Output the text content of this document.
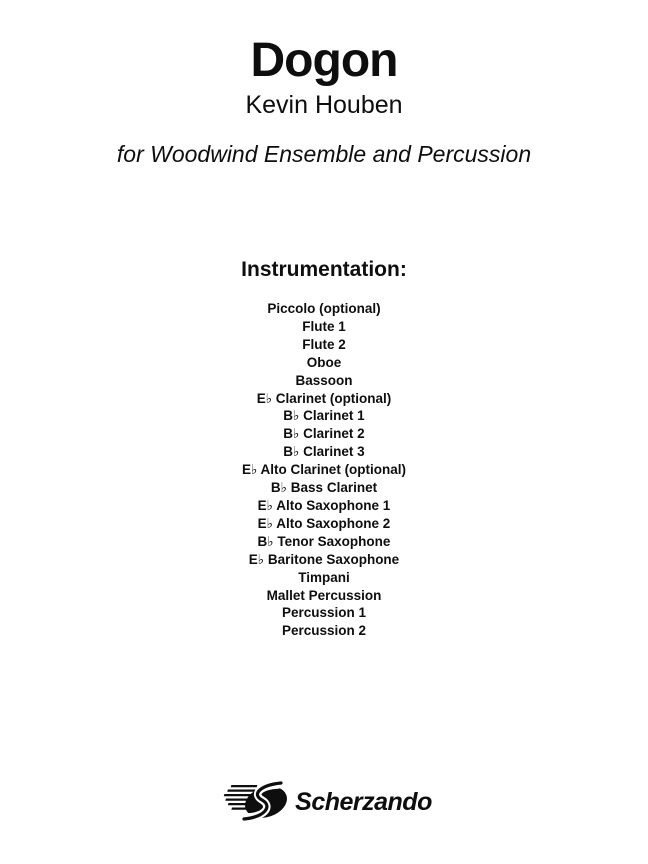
Dogon
Kevin Houben
for Woodwind Ensemble and Percussion
Instrumentation:
Piccolo (optional)
Flute 1
Flute 2
Oboe
Bassoon
E♭ Clarinet (optional)
B♭ Clarinet 1
B♭ Clarinet 2
B♭ Clarinet 3
E♭ Alto Clarinet (optional)
B♭ Bass Clarinet
E♭ Alto Saxophone 1
E♭ Alto Saxophone 2
B♭ Tenor Saxophone
E♭ Baritone Saxophone
Timpani
Mallet Percussion
Percussion 1
Percussion 2
Scherzando
